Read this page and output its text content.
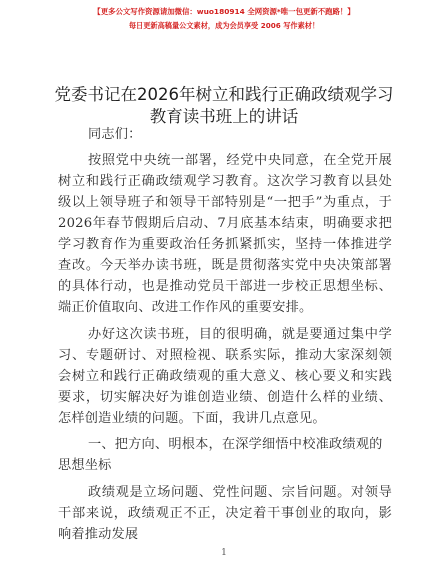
【更多公文写作资源请加微信：wuo180914 全网资源*唯一包更新不跑路！】
每日更新高稿量公文素材，成为会员享受 2006 写作素材！
党委书记在2026年树立和践行正确政绩观学习
教育读书班上的讲话

同志们：

按照党中央统一部署，经党中央同意，在全党开展树立和践行正确政绩观学习教育。这次学习教育以县处级以上领导班子和领导干部特别是“一把手”为重点，于2026年春节假期后启动、7月底基本结束，明确要求把学习教育作为重要政治任务抓紧抓实，坚持一体推进学查改。今天举办读书班，既是贯彻落实党中央决策部署的具体行动，也是推动党员干部进一步校正思想坐标、端正价值取向、改进工作作风的重要安排。

办好这次读书班，目的很明确，就是要通过集中学习、专题研讨、对照检视、联系实际，推动大家深刻领会树立和践行正确政绩观的重大意义、核心要义和实践要求，切实解决好为谁创造业绩、创造什么样的业绩、怎样创造业绩的问题。下面，我讲几点意见。

一、把方向、明根本，在深学细悟中校准政绩观的思想坐标

政绩观是立场问题、党性问题、宗旨问题。对领导干部来说，政绩观正不正，决定着干事创业的取向，影响着推动发展

1
